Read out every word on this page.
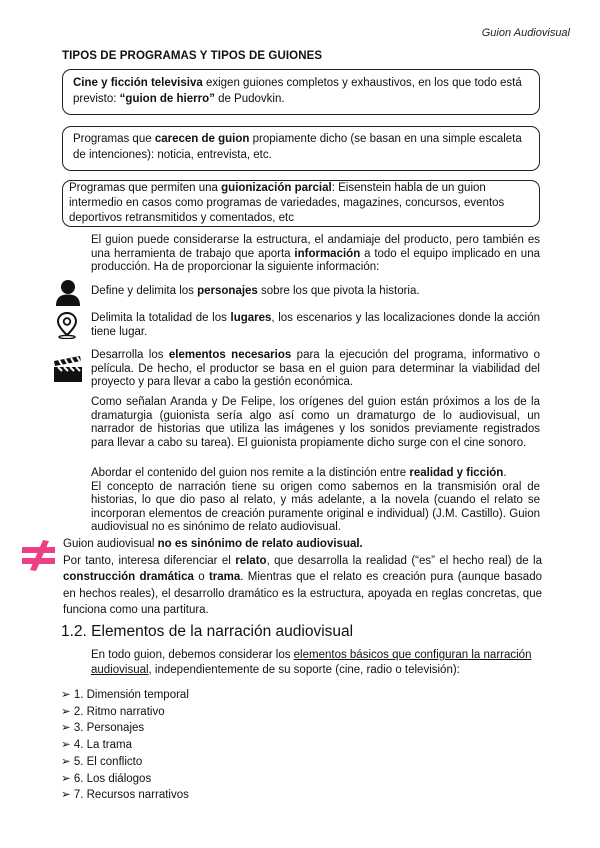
Guion Audiovisual
TIPOS DE PROGRAMAS Y TIPOS DE GUIONES
Cine y ficción televisiva exigen guiones completos y exhaustivos, en los que todo está previsto: “guion de hierro” de Pudovkin.
Programas que carecen de guion propiamente dicho (se basan en una simple escaleta de intenciones): noticia, entrevista, etc.
Programas que permiten una guionización parcial: Eisenstein habla de un guion intermedio en casos como programas de variedades, magazines, concursos, eventos deportivos retransmitidos y comentados, etc
El guion puede considerarse la estructura, el andamiaje del producto, pero también es una herramienta de trabajo que aporta información a todo el equipo implicado en una producción. Ha de proporcionar la siguiente información:
Define y delimita los personajes sobre los que pivota la historia.
Delimita la totalidad de los lugares, los escenarios y las localizaciones donde la acción tiene lugar.
Desarrolla los elementos necesarios para la ejecución del programa, informativo o película. De hecho, el productor se basa en el guion para determinar la viabilidad del proyecto y para llevar a cabo la gestión económica.
Como señalan Aranda y De Felipe, los orígenes del guion están próximos a los de la dramaturgia (guionista sería algo así como un dramaturgo de lo audiovisual, un narrador de historias que utiliza las imágenes y los sonidos previamente registrados para llevar a cabo su tarea). El guionista propiamente dicho surge con el cine sonoro.
Abordar el contenido del guion nos remite a la distinción entre realidad y ficción.
El concepto de narración tiene su origen como sabemos en la transmisión oral de historias, lo que dio paso al relato, y más adelante, a la novela (cuando el relato se incorporan elementos de creación puramente original e individual) (J.M. Castillo). Guion audiovisual no es sinónimo de relato audiovisual.
Guion audiovisual no es sinónimo de relato audiovisual.
Por tanto, interesa diferenciar el relato, que desarrolla la realidad (“es” el hecho real) de la construcción dramática o trama. Mientras que el relato es creación pura (aunque basado en hechos reales), el desarrollo dramático es la estructura, apoyada en reglas concretas, que funciona como una partitura.
1.2. Elementos de la narración audiovisual
En todo guion, debemos considerar los elementos básicos que configuran la narración audiovisual, independientemente de su soporte (cine, radio o televisión):
➢ 1. Dimensión temporal
➢ 2. Ritmo narrativo
➢ 3. Personajes
➢ 4. La trama
➢ 5. El conflicto
➢ 6. Los diálogos
➢ 7. Recursos narrativos
